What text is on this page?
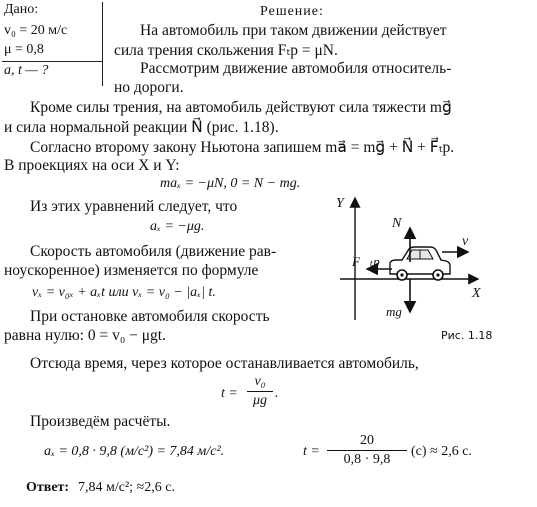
Дано:
v₀ = 20 м/с
μ = 0,8
a, t — ?
Решение:
На автомобиль при таком движении действует
сила трения скольжения Fₜр = μN.
Рассмотрим движение автомобиля относитель-
но дороги.
Кроме силы трения, на автомобиль действуют сила тяжести mg⃗
и сила нормальной реакции N⃗ (рис. 1.18).
Согласно второму закону Ньютона запишем ma⃗ = mg⃗ + N⃗ + F⃗ₜр.
В проекциях на оси X и Y:
maₓ = −μN, 0 = N − mg.
Из этих уравнений следует, что
aₓ = −μg.
Скорость автомобиля (движение рав-
ноускоренное) изменяется по формуле
vₓ = v₀ₓ + aₓt или vₓ = v₀ − |aₓ| t.
При остановке автомобиля скорость
равна нулю: 0 = v₀ − μgt.
Отсюда время, через которое останавливается автомобиль,
t =
v₀
μg .
Произведём расчёты.
aₓ = 0,8 · 9,8 (м/с²) = 7,84 м/с².	t =
20
0,8 · 9,8
(с) ≈ 2,6 с.
Ответ: 7,84 м/с²; ≈2,6 с.
Y
X
N⃗
v⃗
F⃗ₜр
mg⃗
Рис. 1.18
